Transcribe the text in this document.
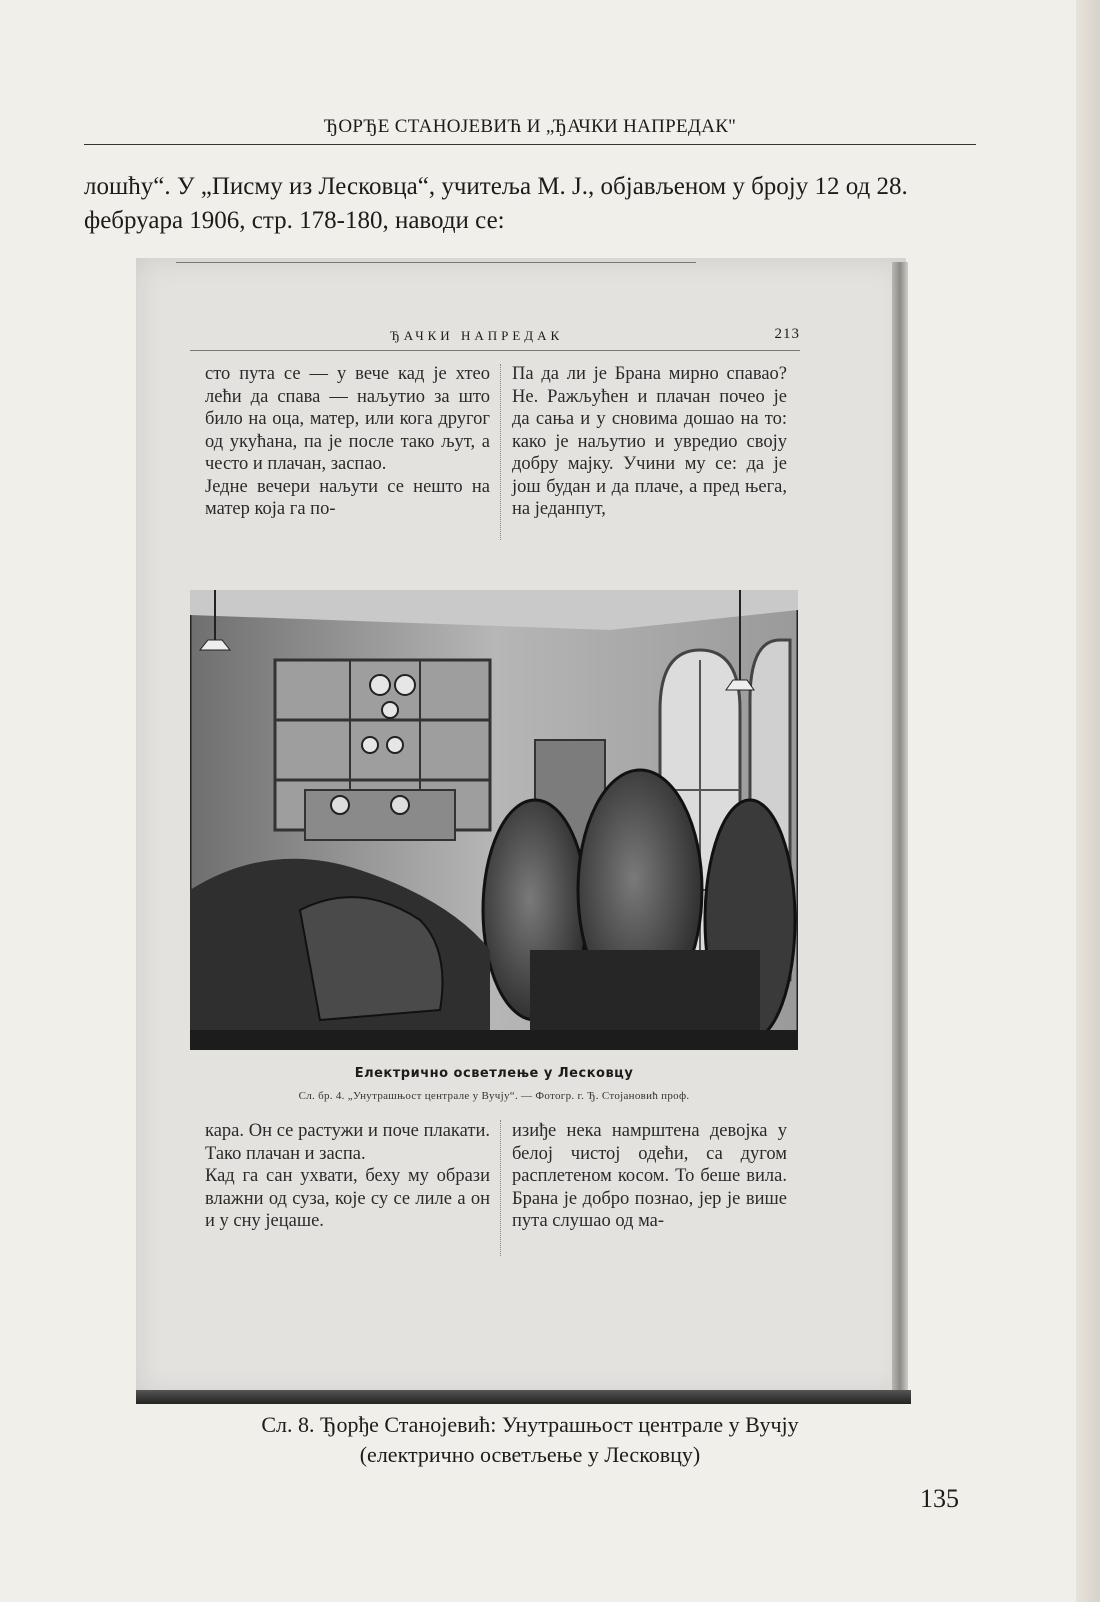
ЂОРЂЕ СТАНОЈЕВИЋ И „ЂАЧКИ НАПРЕДАК"
лошћу“. У „Писму из Лесковца“, учитеља М. Ј., објављеном у броју 12 од 28. фебруара 1906, стр. 178-180, наводи се:
ЂАЧКИ НАПРЕДАК	213
сто пута се — у вече кад је хтео лећи да спава — наљутио за што било на оца, матер, или кога другог од укућана, па је после тако љут, а често и плачан, заспао.
Једне вечери наљути се нешто на матер која га по-
Па да ли је Брана мирно спавао? Не. Ражљућен и плачан почео је да сања и у сновима дошао на то: како је наљутио и увредио своју добру мајку. Учини му се: да је још будан и да плаче, а пред њега, на једанпут,
Електрично осветлење у Лесковцу
Сл. бр. 4. „Унутрашњост централе у Вучју“. — Фотогр. г. Ђ. Стојановић проф.
кара. Он се растужи и поче плакати. Тако плачан и заспа.
Кад га сан ухвати, беху му образи влажни од суза, које су се лиле а он и у сну јецаше.
изиђе нека намрштена девојка у белој чистој одећи, са дугом расплетеном косом. То беше вила. Брана је добро познао, јер је више пута слушао од ма-
Сл. 8. Ђорђе Станојевић: Унутрашњост централе у Вучју
(електрично осветљење у Лесковцу)
135
